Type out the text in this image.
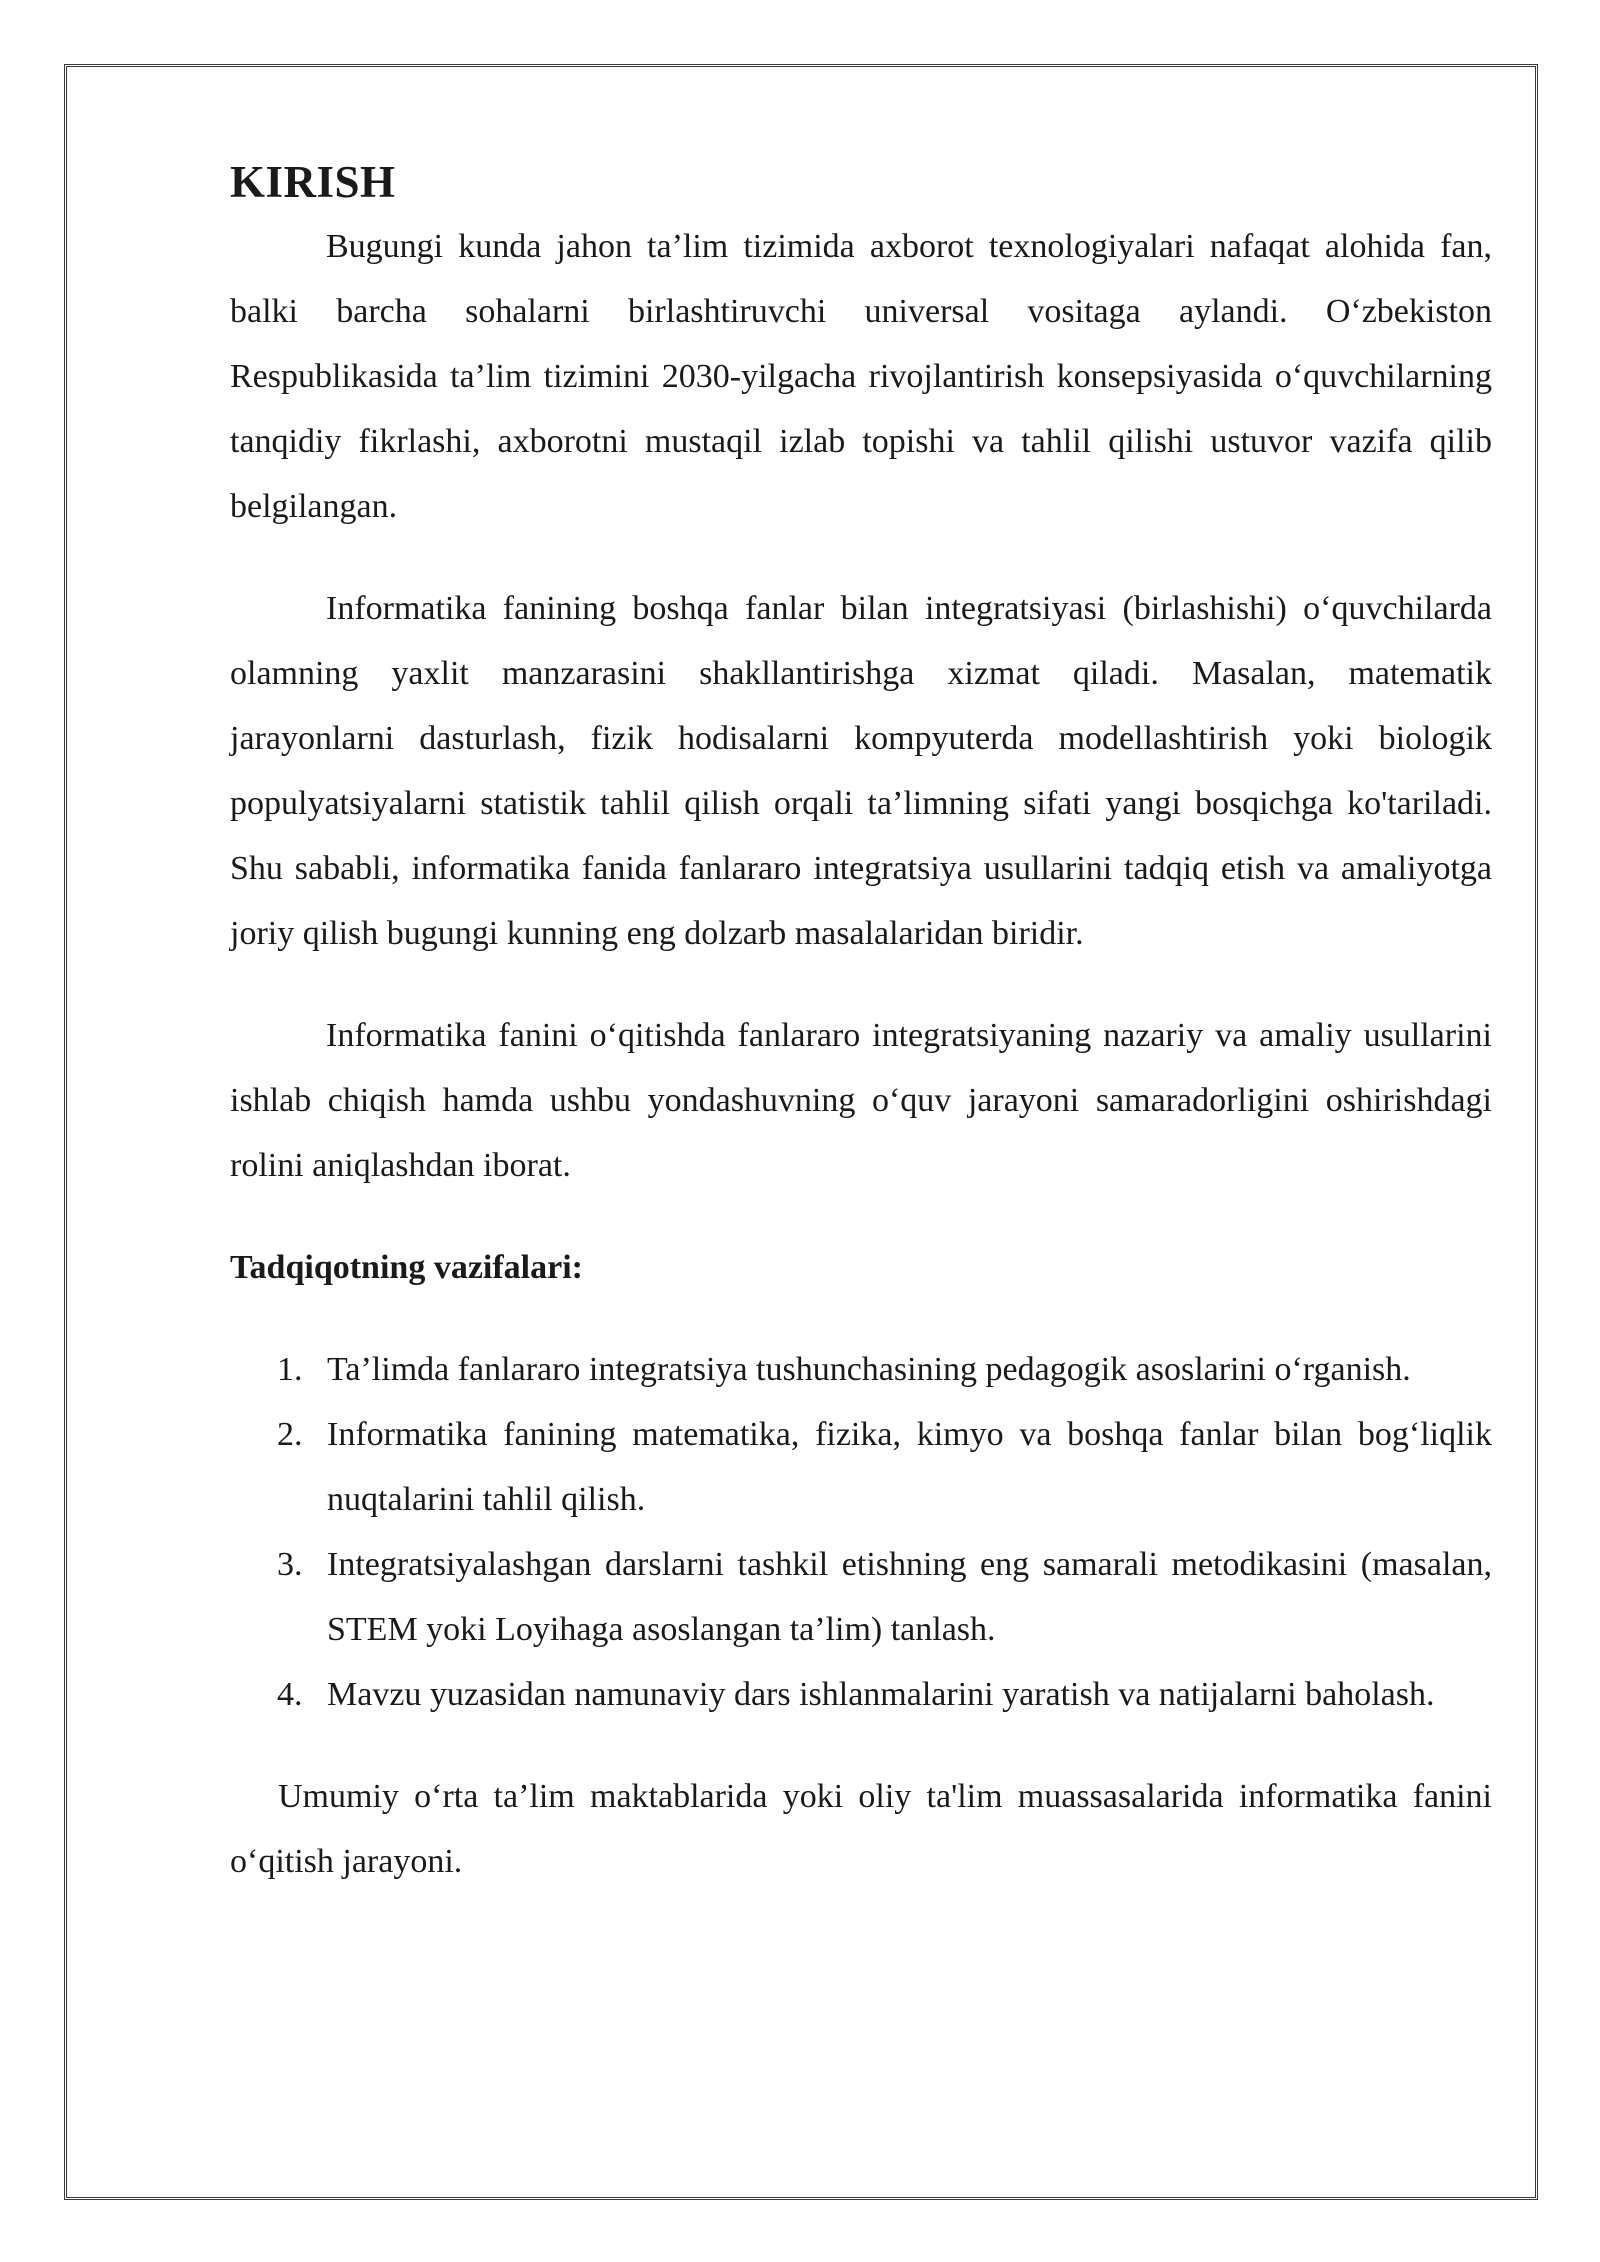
KIRISH

Bugungi kunda jahon ta’lim tizimida axborot texnologiyalari nafaqat alohida fan, balki barcha sohalarni birlashtiruvchi universal vositaga aylandi. O‘zbekiston Respublikasida ta’lim tizimini 2030-yilgacha rivojlantirish konsepsiyasida o‘quvchilarning tanqidiy fikrlashi, axborotni mustaqil izlab topishi va tahlil qilishi ustuvor vazifa qilib belgilangan.

Informatika fanining boshqa fanlar bilan integratsiyasi (birlashishi) o‘quvchilarda olamning yaxlit manzarasini shakllantirishga xizmat qiladi. Masalan, matematik jarayonlarni dasturlash, fizik hodisalarni kompyuterda modellashtirish yoki biologik populyatsiyalarni statistik tahlil qilish orqali ta’limning sifati yangi bosqichga ko'tariladi. Shu sababli, informatika fanida fanlararo integratsiya usullarini tadqiq etish va amaliyotga joriy qilish bugungi kunning eng dolzarb masalalaridan biridir.

Informatika fanini o‘qitishda fanlararo integratsiyaning nazariy va amaliy usullarini ishlab chiqish hamda ushbu yondashuvning o‘quv jarayoni samaradorligini oshirishdagi rolini aniqlashdan iborat.

Tadqiqotning vazifalari:
1. Ta’limda fanlararo integratsiya tushunchasining pedagogik asoslarini o‘rganish.
2. Informatika fanining matematika, fizika, kimyo va boshqa fanlar bilan bog‘liqlik nuqtalarini tahlil qilish.
3. Integratsiyalashgan darslarni tashkil etishning eng samarali metodikasini (masalan, STEM yoki Loyihaga asoslangan ta’lim) tanlash.
4. Mavzu yuzasidan namunaviy dars ishlanmalarini yaratish va natijalarni baholash.

Umumiy o‘rta ta’lim maktablarida yoki oliy ta'lim muassasalarida informatika fanini o‘qitish jarayoni.
